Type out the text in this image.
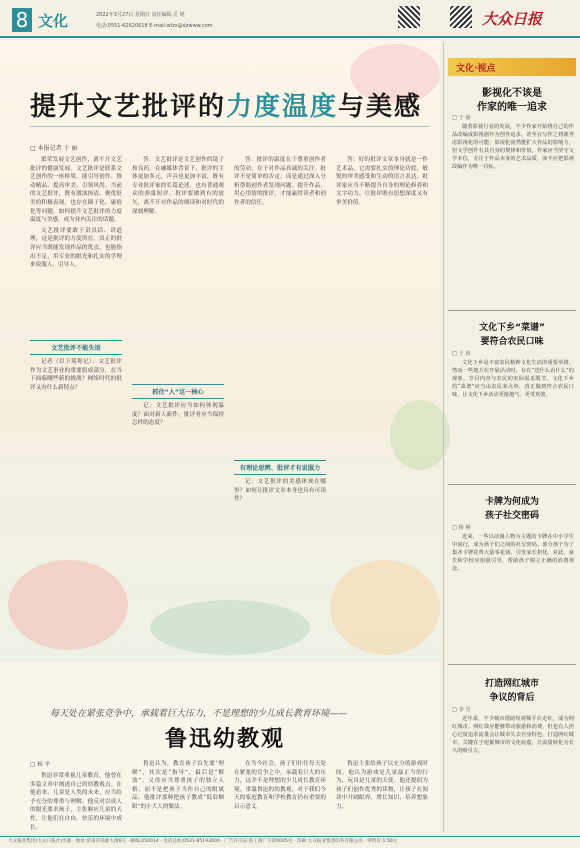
8 文化	2022年3月27日 星期日 责任编辑 岳 铭
电话:0551-62620618 E-mail:wlzx@dzwww.com	大众日报
提升文艺批评的力度温度与美感
□ 本报记者 于 丽

繁荣发展文艺创作，离不开文艺批评的健康发展。文艺批评是联系文艺创作的一座桥梁，能引导创作、推动精品、提高审美、引领风尚。当前的文艺批评，既有激浊扬清、褒优贬劣的积极表现，也存在圈子化、庸俗化等问题。如何提升文艺批评的力度温度与美感，成为业内关注的话题。

文艺批评要敢于讲真话、讲道理，这是批评的力度所在。真正的批评应当既能发现作品的优点，也能指出不足，用专业的眼光和扎实的学理来说服人、引导人。

文艺批评不能失语

记者（以下简称记）：文艺批评作为文艺事业的重要组成部分，在当下面临哪些新的挑战？网络时代的批评又有什么新特点？

答：文艺批评是文艺创作的镜子和良药。在融媒体背景下，批评的主体更加多元，声音也更加丰富，既有专业批评家的长篇论述，也有普通观众的弹幕短评。批评要做到有的放矢，离不开对作品的细读和对时代的深刻理解。

抓住“人”这一核心

记：文艺批评应当如何体现温度？面对新人新作，批评者应当保持怎样的态度？

答：批评的温度在于尊重创作者的劳动，在于对作品真诚的关注。批评不是简单的否定，而是通过深入分析帮助创作者发现问题、提升作品。用心用情的批评，才能赢得读者和创作者的信任。

有理论思辨、批评才有说服力

记：文艺批评的美感体现在哪里？如何让批评文章本身也具有可读性？

答：好的批评文章本身就是一件艺术品，它需要扎实的理论功底、敏锐的审美感受和生动的语言表达。批评家应当不断提升自身的理论修养和文字功力，让批评既有思想深度又有审美价值。

每天处在紧张竞争中，承载着巨大压力，不是理想的少儿成长教育环境——
鲁迅幼教观
□ 杨 平

鲁迅非常重视儿童教育，他曾在多篇文章中阐述自己的幼教观点。在他看来，儿童是人类的未来，应当给予充分的尊重与理解。他反对以成人的眼光要求孩子，主张顺应儿童的天性，让他们在自由、快乐的环境中成长。

鲁迅认为，教育孩子首先要“理解”，其次是“指导”，最后是“解放”。父母应当尊重孩子的独立人格，而不是把孩子当作自己的附属品。他批评那种把孩子教成“低眉顺眼”的小大人的做法。

在当今社会，孩子们往往每天处在紧张的竞争之中，承载着巨大的压力，这并不是理想的少儿成长教育环境。重温鲁迅的幼教观，对于我们今天的家庭教育和学校教育仍有重要的启示意义。

鲁迅主张给孩子以充分的游戏时间，他认为游戏是儿童最正当的行为，玩具是儿童的天使。他还提倡为孩子们创作优秀的读物，让孩子在阅读中开阔眼界、增长知识、培养想象力。

文化·视点
影视化不该是
作家的唯一追求
□ 于 丽

随着影视行业的发展，不少作家开始将自己的作品改编成影视剧作为创作追求，甚至在写作之初就考虑影视化的可能。影视化固然能扩大作品的影响力，但文学创作有其自身的规律和价值。作家应当坚守文学本位，专注于作品本身的艺术品质，而不应把影视改编作为唯一目标。

文化下乡“菜谱”
要符合农民口味
□ 于 涛

文化下乡是丰富农民精神文化生活的重要举措。然而一些地方在开展活动时，存在“送什么看什么”的现象，节目内容与农民的实际需求脱节。文化下乡的“菜谱”应当由农民来点单，真正做到符合农民口味，让文化下乡活动更接地气、更受欢迎。

卡牌为何成为
孩子社交密码
□ 杨 柳

近来，一些以动漫人物为主题的卡牌在中小学生中流行，成为孩子们之间的社交密码。部分孩子为了集齐卡牌花费大量零花钱，引发家长担忧。对此，家长和学校应加强引导，帮助孩子树立正确的消费观念。

打造网红城市
争议的背后
□ 李 雪

近年来，不少城市借助短视频平台走红，成为网红城市。网红效应能够带动旅游和消费，但也有人担心过度追求流量会让城市失去自身特色。打造网红城市，关键在于挖掘城市的文化底蕴，让流量转化为长久的吸引力。

大众报业集团(大众日报社)出版 · 地址:济南市泺源大街6号 · 邮编:250014 · 电话总机:0531-85193000 · 广告许可证:鲁工商广字第0005号 · 印刷:大众报业集团印务有限公司 · 零售价:1.50元
